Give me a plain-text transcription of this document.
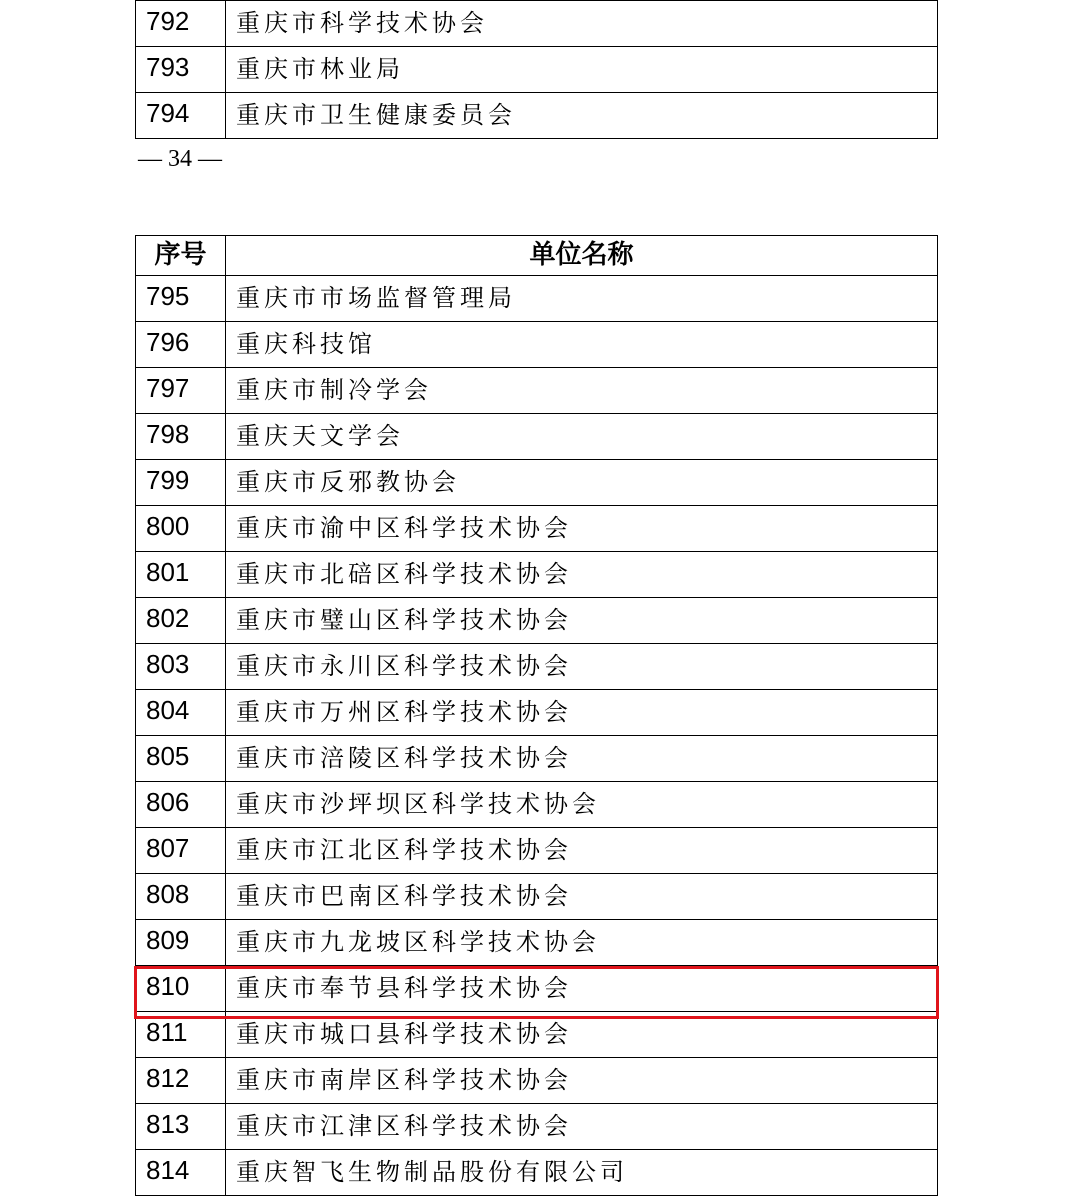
792	重庆市科学技术协会
793	重庆市林业局
794	重庆市卫生健康委员会
— 34 —
序号	单位名称
795	重庆市市场监督管理局
796	重庆科技馆
797	重庆市制冷学会
798	重庆天文学会
799	重庆市反邪教协会
800	重庆市渝中区科学技术协会
801	重庆市北碚区科学技术协会
802	重庆市璧山区科学技术协会
803	重庆市永川区科学技术协会
804	重庆市万州区科学技术协会
805	重庆市涪陵区科学技术协会
806	重庆市沙坪坝区科学技术协会
807	重庆市江北区科学技术协会
808	重庆市巴南区科学技术协会
809	重庆市九龙坡区科学技术协会
810	重庆市奉节县科学技术协会
811	重庆市城口县科学技术协会
812	重庆市南岸区科学技术协会
813	重庆市江津区科学技术协会
814	重庆智飞生物制品股份有限公司
